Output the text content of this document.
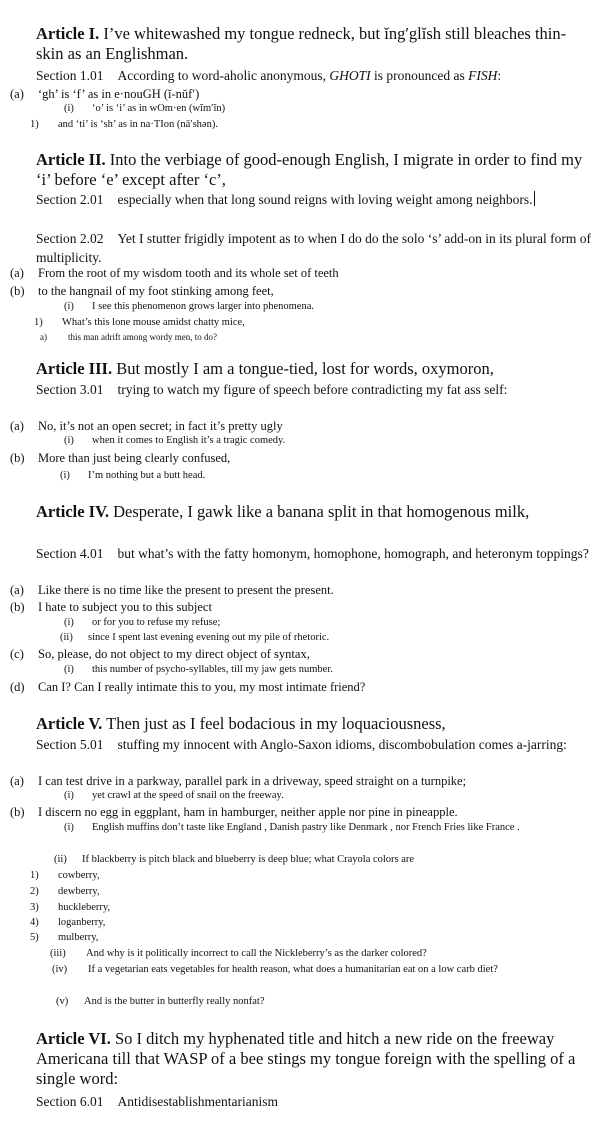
Article I. I’ve whitewashed my tongue redneck, but ĭng′glĭsh still bleaches thin-skin as an Englishman.
Section 1.01 According to word-aholic anonymous, GHOTI is pronounced as FISH:
(a) ‘gh’ is ‘f’ as in e·nouGH (ĭ-nŭf′)
(i) ‘o’ is ‘i’ as in wOm·en (wĭm′ĭn)
1) and ‘ti’ is ‘sh’ as in na·TIon (nā′shən).
Article II. Into the verbiage of good-enough English, I migrate in order to find my ‘i’ before ‘e’ except after ‘c’,
Section 2.01 especially when that long sound reigns with loving weight among neighbors.
Section 2.02 Yet I stutter frigidly impotent as to when I do do the solo ‘s’ add-on in its plural form of multiplicity.
(a) From the root of my wisdom tooth and its whole set of teeth
(b) to the hangnail of my foot stinking among feet,
(i) I see this phenomenon grows larger into phenomena.
1) What’s this lone mouse amidst chatty mice,
a) this man adrift among wordy men, to do?
Article III. But mostly I am a tongue-tied, lost for words, oxymoron,
Section 3.01 trying to watch my figure of speech before contradicting my fat ass self:
(a) No, it’s not an open secret; in fact it’s pretty ugly
(i) when it comes to English it’s a tragic comedy.
(b) More than just being clearly confused,
(i) I’m nothing but a butt head.
Article IV. Desperate, I gawk like a banana split in that homogenous milk,
Section 4.01 but what’s with the fatty homonym, homophone, homograph, and heteronym toppings?
(a) Like there is no time like the present to present the present.
(b) I hate to subject you to this subject
(i) or for you to refuse my refuse;
(ii) since I spent last evening evening out my pile of rhetoric.
(c) So, please, do not object to my direct object of syntax,
(i) this number of psycho-syllables, till my jaw gets number.
(d) Can I? Can I really intimate this to you, my most intimate friend?
Article V. Then just as I feel bodacious in my loquaciousness,
Section 5.01 stuffing my innocent with Anglo-Saxon idioms, discombobulation comes a-jarring:
(a) I can test drive in a parkway, parallel park in a driveway, speed straight on a turnpike;
(i) yet crawl at the speed of snail on the freeway.
(b) I discern no egg in eggplant, ham in hamburger, neither apple nor pine in pineapple.
(i) English muffins don’t taste like England , Danish pastry like Denmark , nor French Fries like France .
(ii) If blackberry is pitch black and blueberry is deep blue; what Crayola colors are
1) cowberry,
2) dewberry,
3) huckleberry,
4) loganberry,
5) mulberry,
(iii) And why is it politically incorrect to call the Nickleberry’s as the darker colored?
(iv) If a vegetarian eats vegetables for health reason, what does a humanitarian eat on a low carb diet?
(v) And is the butter in butterfly really nonfat?
Article VI. So I ditch my hyphenated title and hitch a new ride on the freeway Americana till that WASP of a bee stings my tongue foreign with the spelling of a single word:
Section 6.01 Antidisestablishmentarianism
